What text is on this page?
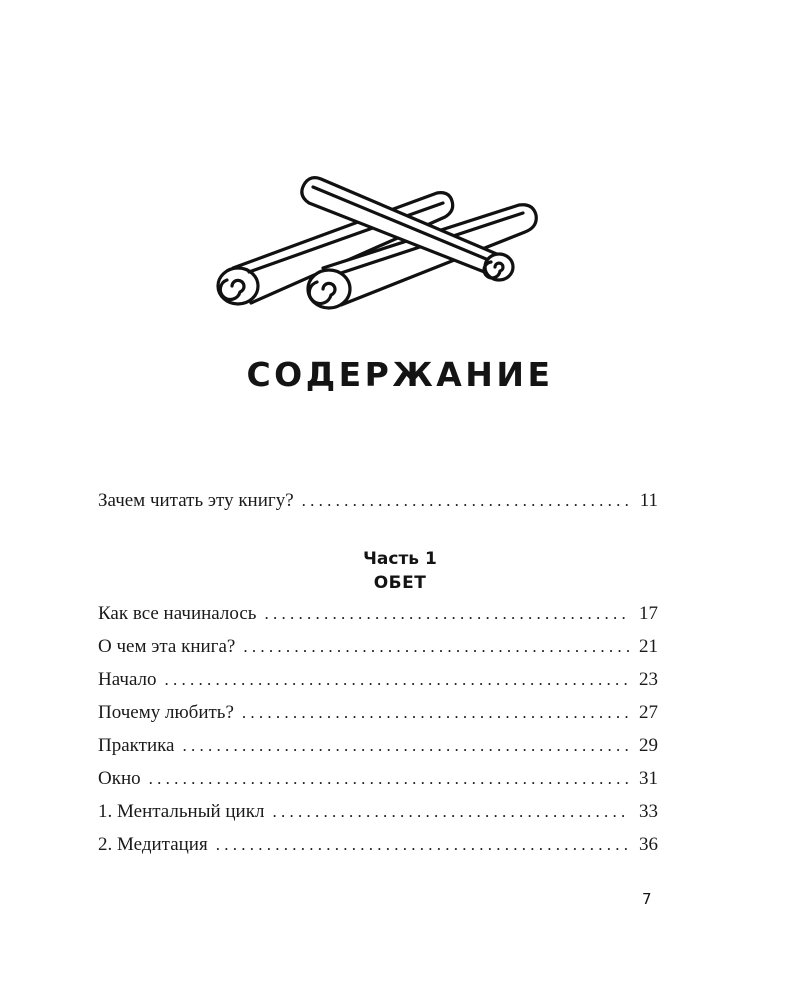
СОДЕРЖАНИЕ
Зачем читать эту книгу? . . .	11
Часть 1
ОБЕТ
Как все начиналось . . .	17
О чем эта книга? . . .	21
Начало . . .	23
Почему любить? . . .	27
Практика . . .	29
Окно . . .	31
1. Ментальный цикл . . .	33
2. Медитация . . .	36
7
